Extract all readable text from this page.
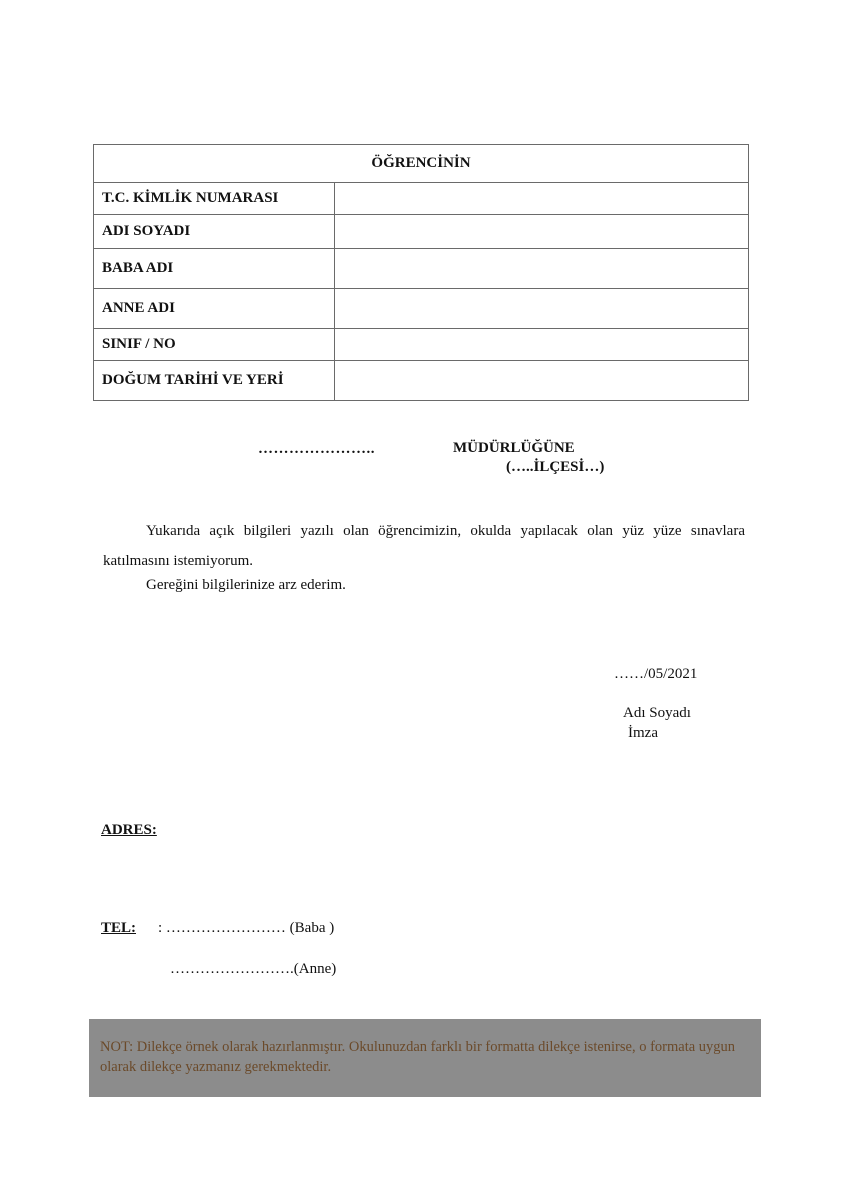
ÖĞRENCİNİN	
T.C. KİMLİK NUMARASI	
ADI SOYADI	
BABA ADI	
ANNE ADI	
SINIF / NO	
DOĞUM TARİHİ VE YERİ	
…………………..	MÜDÜRLÜĞÜNE
(…..İLÇESİ…)
Yukarıda açık bilgileri yazılı olan öğrencimizin, okulda yapılacak olan yüz yüze sınavlara katılmasını istemiyorum.
Gereğini bilgilerinize arz ederim.
……/05/2021
Adı Soyadı
İmza
ADRES:
TEL: : …………………… (Baba )
…………………….(Anne)
NOT: Dilekçe örnek olarak hazırlanmıştır. Okulunuzdan farklı bir formatta dilekçe istenirse, o formata uygun olarak dilekçe yazmanız gerekmektedir.
